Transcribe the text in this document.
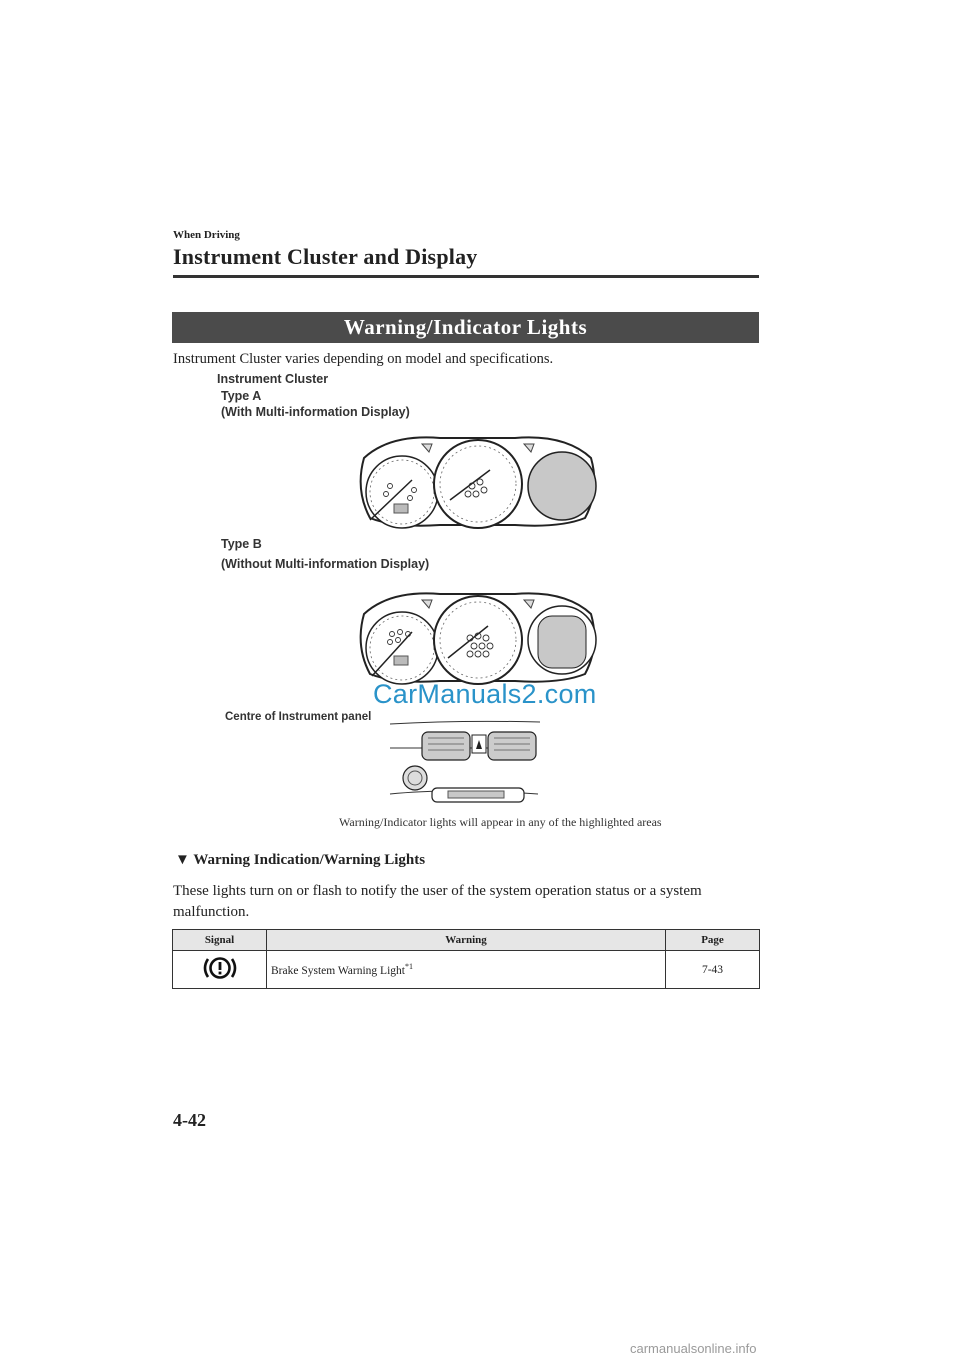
When Driving
Instrument Cluster and Display
Warning/Indicator Lights
Instrument Cluster varies depending on model and specifications.
Instrument Cluster
Type A
(With Multi-information Display)
Type B
(Without Multi-information Display)
CarManuals2.com
Centre of Instrument panel
Warning/Indicator lights will appear in any of the highlighted areas
▼ Warning Indication/Warning Lights
These lights turn on or flash to notify the user of the system operation status or a system malfunction.
Signal	Warning	Page
	Brake System Warning Light$^{*1}$	7-43
4-42
carmanualsonline.info
